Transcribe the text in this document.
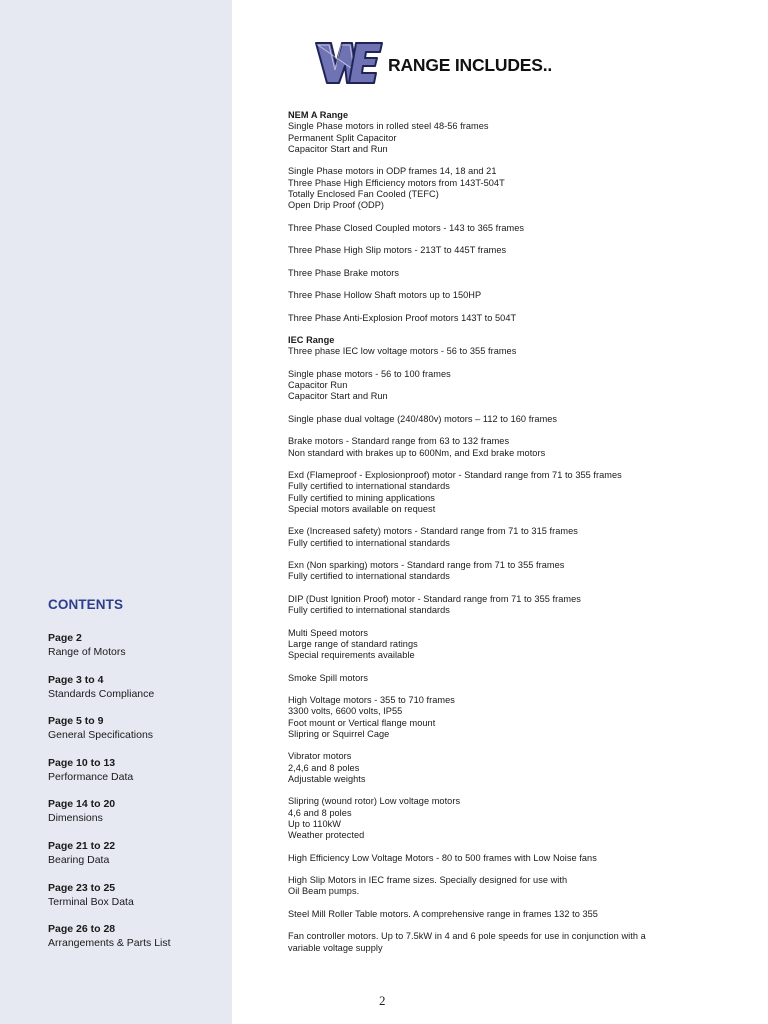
CONTENTS
Page 2
Range of Motors
Page 3 to 4
Standards Compliance
Page 5 to 9
General Specifications
Page 10 to 13
Performance Data
Page 14 to 20
Dimensions
Page 21 to 22
Bearing Data
Page 23 to 25
Terminal Box Data
Page 26 to 28
Arrangements & Parts List
RANGE INCLUDES..
NEM A Range
Single Phase motors in rolled steel 48-56 frames
Permanent Split Capacitor
Capacitor Start and Run
Single Phase motors in ODP frames 14, 18 and 21
Three Phase High Efficiency motors from 143T-504T
Totally Enclosed Fan Cooled (TEFC)
Open Drip Proof (ODP)
Three Phase Closed Coupled motors - 143 to 365 frames
Three Phase High Slip motors - 213T to 445T frames
Three Phase Brake motors
Three Phase Hollow Shaft motors up to 150HP
Three Phase Anti-Explosion Proof motors 143T to 504T
IEC Range
Three phase IEC low voltage motors - 56 to 355 frames
Single phase motors - 56 to 100 frames
Capacitor Run
Capacitor Start and Run
Single phase dual voltage (240/480v) motors – 112 to 160 frames
Brake motors - Standard range from 63 to 132 frames
Non standard with brakes up to 600Nm, and Exd brake motors
Exd (Flameproof - Explosionproof) motor - Standard range from 71 to 355 frames
Fully certified to international standards
Fully certified to mining applications
Special motors available on request
Exe (Increased safety) motors - Standard range from 71 to 315 frames
Fully certified to international standards
Exn (Non sparking) motors - Standard range from 71 to 355 frames
Fully certified to international standards
DIP (Dust Ignition Proof) motor - Standard range from 71 to 355 frames
Fully certified to international standards
Multi Speed motors
Large range of standard ratings
Special requirements available
Smoke Spill motors
High Voltage motors - 355 to 710 frames
3300 volts, 6600 volts, IP55
Foot mount or Vertical flange mount
Slipring or Squirrel Cage
Vibrator motors
2,4,6 and 8 poles
Adjustable weights
Slipring (wound rotor) Low voltage motors
4,6 and 8 poles
Up to 110kW
Weather protected
High Efficiency Low Voltage Motors - 80 to 500 frames with Low Noise fans
High Slip Motors in IEC frame sizes. Specially designed for use with
Oil Beam pumps.
Steel Mill Roller Table motors. A comprehensive range in frames 132 to 355
Fan controller motors. Up to 7.5kW in 4 and 6 pole speeds for use in conjunction with a
variable voltage supply
2
